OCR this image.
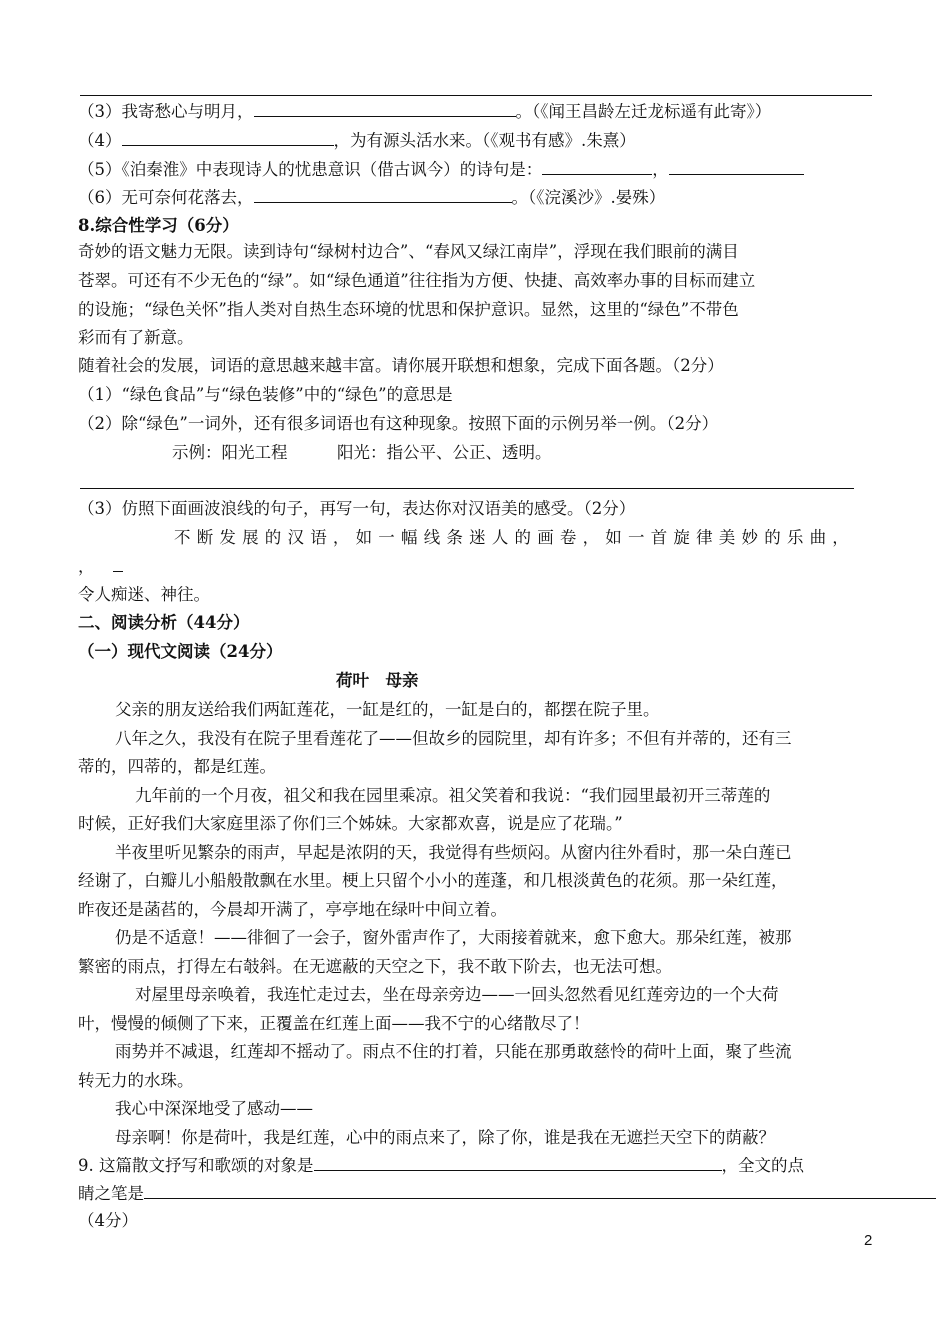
（3）我寄愁心与明月，	。（《闻王昌龄左迁龙标遥有此寄》）
（4）	，为有源头活水来。（《观书有感》.朱熹）
（5）《泊秦淮》中表现诗人的忧患意识（借古讽今）的诗句是：	，
（6）无可奈何花落去，	。（《浣溪沙》.晏殊）
8.综合性学习（6分）
奇妙的语文魅力无限。读到诗句“绿树村边合”、“春风又绿江南岸”，浮现在我们眼前的满目
苍翠。可还有不少无色的“绿”。如“绿色通道”往往指为方便、快捷、高效率办事的目标而建立
的设施；“绿色关怀”指人类对自热生态环境的忧思和保护意识。显然，这里的“绿色”不带色
彩而有了新意。
随着社会的发展，词语的意思越来越丰富。请你展开联想和想象，完成下面各题。（2分）
（1）“绿色食品”与“绿色装修”中的“绿色”的意思是
（2）除“绿色”一词外，还有很多词语也有这种现象。按照下面的示例另举一例。（2分）
示例：阳光工程　　　阳光：指公平、公正、透明。
（3）仿照下面画波浪线的句子，再写一句，表达你对汉语美的感受。（2分）
不断发展的汉语，如一幅线条迷人的画卷，如一首旋律美妙的乐曲，
，
令人痴迷、神往。
二、阅读分析（44分）
（一）现代文阅读（24分）
荷叶　母亲
父亲的朋友送给我们两缸莲花，一缸是红的，一缸是白的，都摆在院子里。
八年之久，我没有在院子里看莲花了——但故乡的园院里，却有许多；不但有并蒂的，还有三
蒂的，四蒂的，都是红莲。
九年前的一个月夜，祖父和我在园里乘凉。祖父笑着和我说：“我们园里最初开三蒂莲的
时候，正好我们大家庭里添了你们三个姊妹。大家都欢喜，说是应了花瑞。”
半夜里听见繁杂的雨声，早起是浓阴的天，我觉得有些烦闷。从窗内往外看时，那一朵白莲已
经谢了，白瓣儿小船般散飘在水里。梗上只留个小小的莲蓬，和几根淡黄色的花须。那一朵红莲，
昨夜还是菡萏的，今晨却开满了，亭亭地在绿叶中间立着。
仍是不适意！——徘徊了一会子，窗外雷声作了，大雨接着就来，愈下愈大。那朵红莲，被那
繁密的雨点，打得左右攲斜。在无遮蔽的天空之下，我不敢下阶去，也无法可想。
对屋里母亲唤着，我连忙走过去，坐在母亲旁边——一回头忽然看见红莲旁边的一个大荷
叶，慢慢的倾侧了下来，正覆盖在红莲上面——我不宁的心绪散尽了！
雨势并不减退，红莲却不摇动了。雨点不住的打着，只能在那勇敢慈怜的荷叶上面，聚了些流
转无力的水珠。
我心中深深地受了感动——
母亲啊！你是荷叶，我是红莲，心中的雨点来了，除了你，谁是我在无遮拦天空下的荫蔽？
9. 这篇散文抒写和歌颂的对象是	，全文的点
睛之笔是
（4分）
2
